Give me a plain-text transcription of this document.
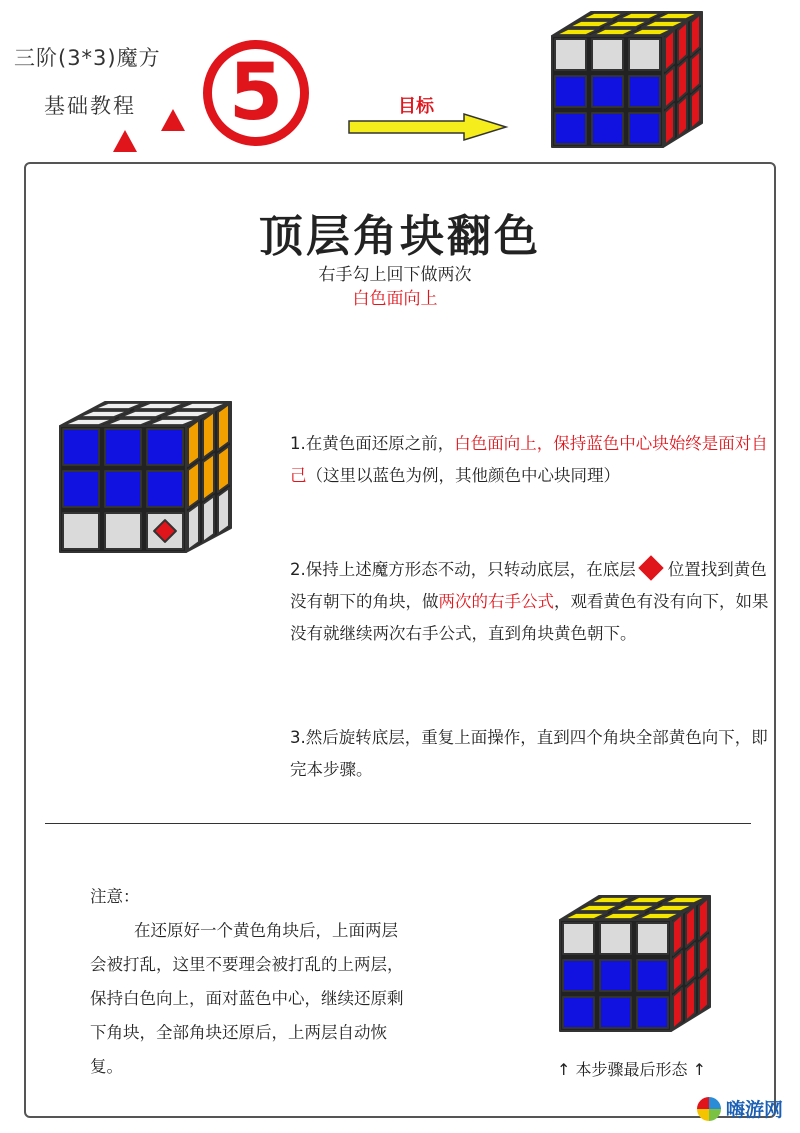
三阶(3*3)魔方
基础教程 5	目标
顶层角块翻色
右手勾上回下做两次
白色面向上
1.在黄色面还原之前，白色面向上，保持蓝色中心块始终是面对自己（这里以蓝色为例，其他颜色中心块同理）
2.保持上述魔方形态不动，只转动底层，在底层 位置找到黄色没有朝下的角块，做两次的右手公式，观看黄色有没有向下，如果没有就继续两次右手公式，直到角块黄色朝下。
3.然后旋转底层，重复上面操作，直到四个角块全部黄色向下，即完本步骤。
注意：
在还原好一个黄色角块后，上面两层会被打乱，这里不要理会被打乱的上两层，保持白色向上，面对蓝色中心，继续还原剩下角块，全部角块还原后，上两层自动恢复。	↑ 本步骤最后形态 ↑
嗨游网
